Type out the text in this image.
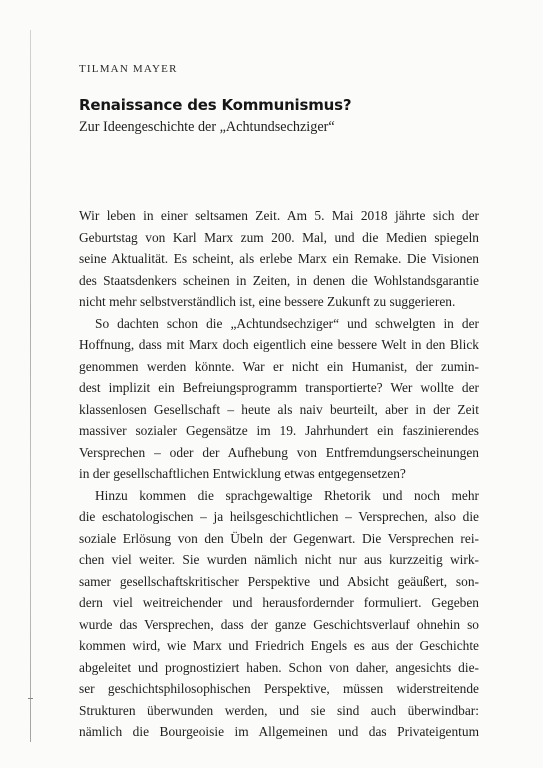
TILMAN MAYER
Renaissance des Kommunismus?
Zur Ideengeschichte der „Achtundsechziger“
Wir leben in einer seltsamen Zeit. Am 5. Mai 2018 jährte sich der
Geburtstag von Karl Marx zum 200. Mal, und die Medien spiegeln
seine Aktualität. Es scheint, als erlebe Marx ein Remake. Die Visionen
des Staatsdenkers scheinen in Zeiten, in denen die Wohlstandsgarantie
nicht mehr selbstverständlich ist, eine bessere Zukunft zu suggerieren.
So dachten schon die „Achtundsechziger“ und schwelgten in der
Hoffnung, dass mit Marx doch eigentlich eine bessere Welt in den Blick
genommen werden könnte. War er nicht ein Humanist, der zumin-
dest implizit ein Befreiungsprogramm transportierte? Wer wollte der
klassenlosen Gesellschaft – heute als naiv beurteilt, aber in der Zeit
massiver sozialer Gegensätze im 19. Jahrhundert ein faszinierendes
Versprechen – oder der Aufhebung von Entfremdungserscheinungen
in der gesellschaftlichen Entwicklung etwas entgegensetzen?
Hinzu kommen die sprachgewaltige Rhetorik und noch mehr
die eschatologischen – ja heilsgeschichtlichen – Versprechen, also die
soziale Erlösung von den Übeln der Gegenwart. Die Versprechen rei-
chen viel weiter. Sie wurden nämlich nicht nur aus kurzzeitig wirk-
samer gesellschaftskritischer Perspektive und Absicht geäußert, son-
dern viel weitreichender und herausfordernder formuliert. Gegeben
wurde das Versprechen, dass der ganze Geschichtsverlauf ohnehin so
kommen wird, wie Marx und Friedrich Engels es aus der Geschichte
abgeleitet und prognostiziert haben. Schon von daher, angesichts die-
ser geschichtsphilosophischen Perspektive, müssen widerstreitende
Strukturen überwunden werden, und sie sind auch überwindbar:
nämlich die Bourgeoisie im Allgemeinen und das Privateigentum
